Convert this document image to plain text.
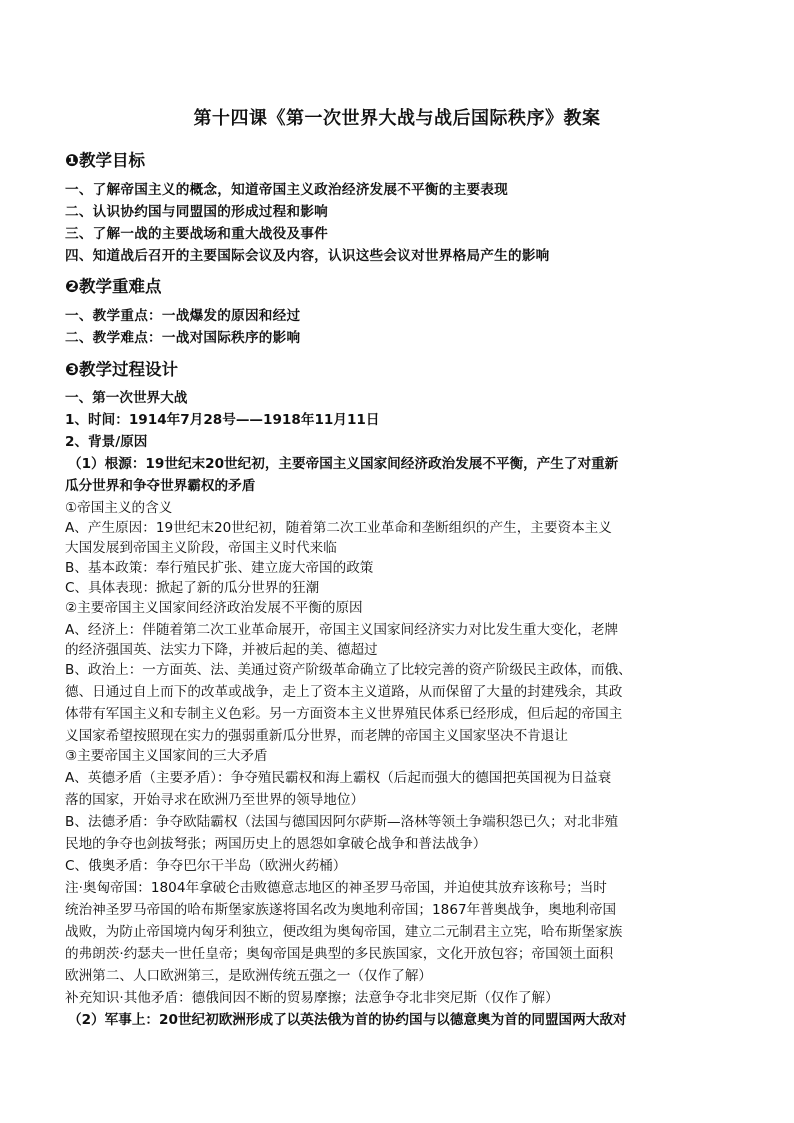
第十四课《第一次世界大战与战后国际秩序》教案
❶教学目标

一、了解帝国主义的概念，知道帝国主义政治经济发展不平衡的主要表现

二、认识协约国与同盟国的形成过程和影响

三、了解一战的主要战场和重大战役及事件

四、知道战后召开的主要国际会议及内容，认识这些会议对世界格局产生的影响

❷教学重难点

一、教学重点：一战爆发的原因和经过

二、教学难点：一战对国际秩序的影响

❸教学过程设计

一、第一次世界大战

1、时间：1914年7月28号——1918年11月11日

2、背景/原因

（1）根源：19世纪末20世纪初，主要帝国主义国家间经济政治发展不平衡，产生了对重新

瓜分世界和争夺世界霸权的矛盾

①帝国主义的含义

A、产生原因：19世纪末20世纪初，随着第二次工业革命和垄断组织的产生，主要资本主义

大国发展到帝国主义阶段，帝国主义时代来临

B、基本政策：奉行殖民扩张、建立庞大帝国的政策

C、具体表现：掀起了新的瓜分世界的狂潮

②主要帝国主义国家间经济政治发展不平衡的原因

A、经济上：伴随着第二次工业革命展开，帝国主义国家间经济实力对比发生重大变化，老牌

的经济强国英、法实力下降，并被后起的美、德超过

B、政治上：一方面英、法、美通过资产阶级革命确立了比较完善的资产阶级民主政体，而俄、

德、日通过自上而下的改革或战争，走上了资本主义道路，从而保留了大量的封建残余，其政

体带有军国主义和专制主义色彩。另一方面资本主义世界殖民体系已经形成，但后起的帝国主

义国家希望按照现在实力的强弱重新瓜分世界，而老牌的帝国主义国家坚决不肯退让

③主要帝国主义国家间的三大矛盾

A、英德矛盾（主要矛盾）：争夺殖民霸权和海上霸权（后起而强大的德国把英国视为日益衰

落的国家，开始寻求在欧洲乃至世界的领导地位）

B、法德矛盾：争夺欧陆霸权（法国与德国因阿尔萨斯—洛林等领土争端积怨已久；对北非殖

民地的争夺也剑拔弩张；两国历史上的恩怨如拿破仑战争和普法战争）

C、俄奥矛盾：争夺巴尔干半岛（欧洲火药桶）

注·奥匈帝国：1804年拿破仑击败德意志地区的神圣罗马帝国，并迫使其放弃该称号；当时

统治神圣罗马帝国的哈布斯堡家族遂将国名改为奥地利帝国；1867年普奥战争，奥地利帝国

战败，为防止帝国境内匈牙利独立，便改组为奥匈帝国，建立二元制君主立宪，哈布斯堡家族

的弗朗茨·约瑟夫一世任皇帝；奥匈帝国是典型的多民族国家，文化开放包容；帝国领土面积

欧洲第二、人口欧洲第三，是欧洲传统五强之一（仅作了解）

补充知识·其他矛盾：德俄间因不断的贸易摩擦；法意争夺北非突尼斯（仅作了解）

（2）军事上：20世纪初欧洲形成了以英法俄为首的协约国与以德意奥为首的同盟国两大敌对
